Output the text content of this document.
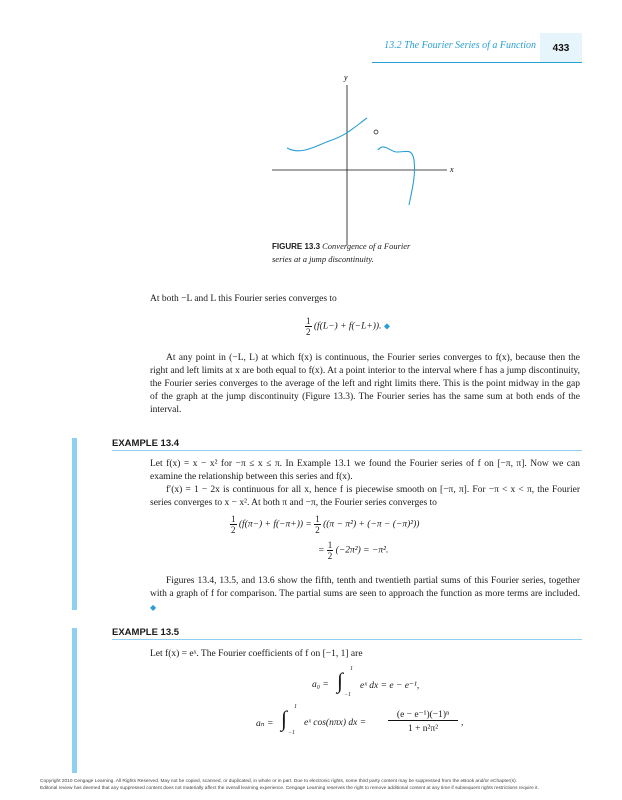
13.2 The Fourier Series of a Function	433
y
x
FIGURE 13.3 Convergence of a Fourier series at a jump discontinuity.

At both −L and L this Fourier series converges to

$\frac{1}{2} (f(L-) + f(-L+))$. ◆

At any point in (−L, L) at which f(x) is continuous, the Fourier series converges to f(x), because then the right and left limits at x are both equal to f(x). At a point interior to the interval where f has a jump discontinuity, the Fourier series converges to the average of the left and right limits there. This is the point midway in the gap of the graph at the jump discontinuity (Figure 13.3). The Fourier series has the same sum at both ends of the interval.

EXAMPLE 13.4

Let f(x) = x − x² for −π ≤ x ≤ π. In Example 13.1 we found the Fourier series of f on [−π, π]. Now we can examine the relationship between this series and f(x).

f′(x) = 1 − 2x is continuous for all x, hence f is piecewise smooth on [−π, π]. For −π < x < π, the Fourier series converges to x − x². At both π and −π, the Fourier series converges to

$\frac{1}{2} (f(\pi-) + f(-\pi+)) = \frac{1}{2} ((\pi - \pi^2) + (-\pi - (-\pi)^2))$
= $\frac{1}{2} (-2\pi^2) = -\pi^2$.

Figures 13.4, 13.5, and 13.6 show the fifth, tenth and twentieth partial sums of this Fourier series, together with a graph of f for comparison. The partial sums are seen to approach the function as more terms are included. ◆

EXAMPLE 13.5

Let f(x) = eˣ. The Fourier coefficients of f on [−1, 1] are

a₀ = ∫ 1
−1
eˣ dx = e − e⁻¹,
aₙ = ∫ 1
−1
eˣ cos(nπx) dx =
(e − e⁻¹)(−1)ⁿ
1 + n²π²
,
Copyright 2010 Cengage Learning. All Rights Reserved. May not be copied, scanned, or duplicated, in whole or in part. Due to electronic rights, some third party content may be suppressed from the eBook and/or eChapter(s).
Editorial review has deemed that any suppressed content does not materially affect the overall learning experience. Cengage Learning reserves the right to remove additional content at any time if subsequent rights restrictions require it.
